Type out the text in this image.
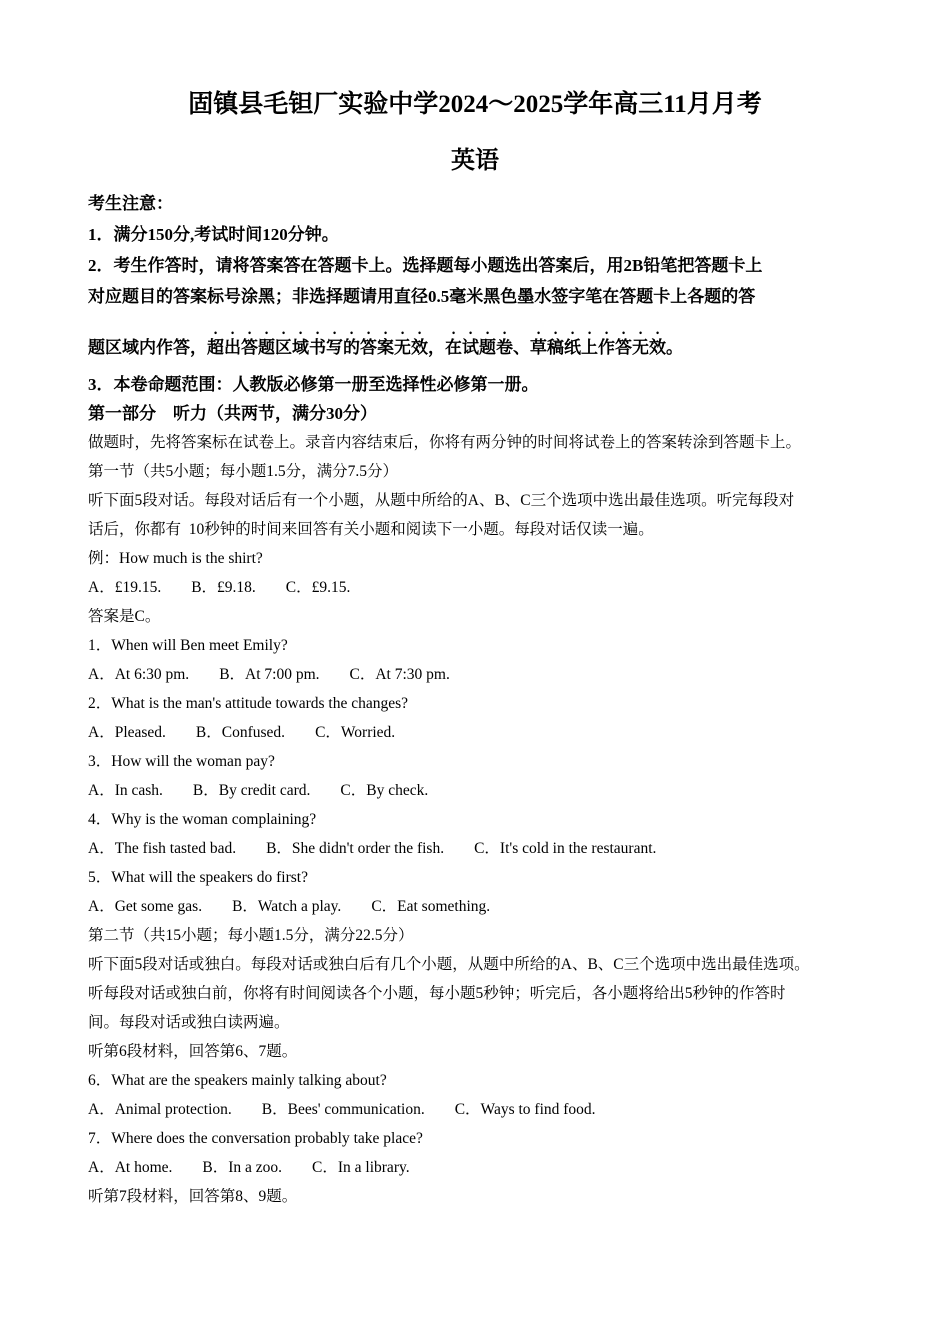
固镇县毛钽厂实验中学2024～2025学年高三11月月考
英语
考生注意：
1．满分150分,考试时间120分钟。
2．考生作答时，请将答案答在答题卡上。选择题每小题选出答案后，用2B铅笔把答题卡上
对应题目的答案标号涂黑；非选择题请用直径0.5毫米黑色墨水签字笔在答题卡上各题的答
题区域内作答，超出答题区域书写的答案无效，在试题卷、草稿纸上作答无效。
3．本卷命题范围：人教版必修第一册至选择性必修第一册。
第一部分　听力（共两节，满分30分）
做题时，先将答案标在试卷上。录音内容结束后，你将有两分钟的时间将试卷上的答案转涂到答题卡上。
第一节（共5小题；每小题1.5分，满分7.5分）
听下面5段对话。每段对话后有一个小题，从题中所给的A、B、C三个选项中选出最佳选项。听完每段对
话后，你都有  10秒钟的时间来回答有关小题和阅读下一小题。每段对话仅读一遍。
例：How much is the shirt?
A．£19.15. B．£9.18. C．£9.15.
答案是C。
1．When will Ben meet Emily?
A．At 6:30 pm. B．At 7:00 pm. C．At 7:30 pm.
2．What is the man's attitude towards the changes?
A．Pleased. B．Confused. C．Worried.
3．How will the woman pay?
A．In cash. B．By credit card. C．By check.
4．Why is the woman complaining?
A．The fish tasted bad. B．She didn't order the fish. C．It's cold in the restaurant.
5．What will the speakers do first?
A．Get some gas. B．Watch a play. C．Eat something.
第二节（共15小题；每小题1.5分，满分22.5分）
听下面5段对话或独白。每段对话或独白后有几个小题，从题中所给的A、B、C三个选项中选出最佳选项。
听每段对话或独白前，你将有时间阅读各个小题，每小题5秒钟；听完后，各小题将给出5秒钟的作答时
间。每段对话或独白读两遍。
听第6段材料，回答第6、7题。
6．What are the speakers mainly talking about?
A．Animal protection. B．Bees' communication. C．Ways to find food.
7．Where does the conversation probably take place?
A．At home. B．In a zoo. C．In a library.
听第7段材料，回答第8、9题。
